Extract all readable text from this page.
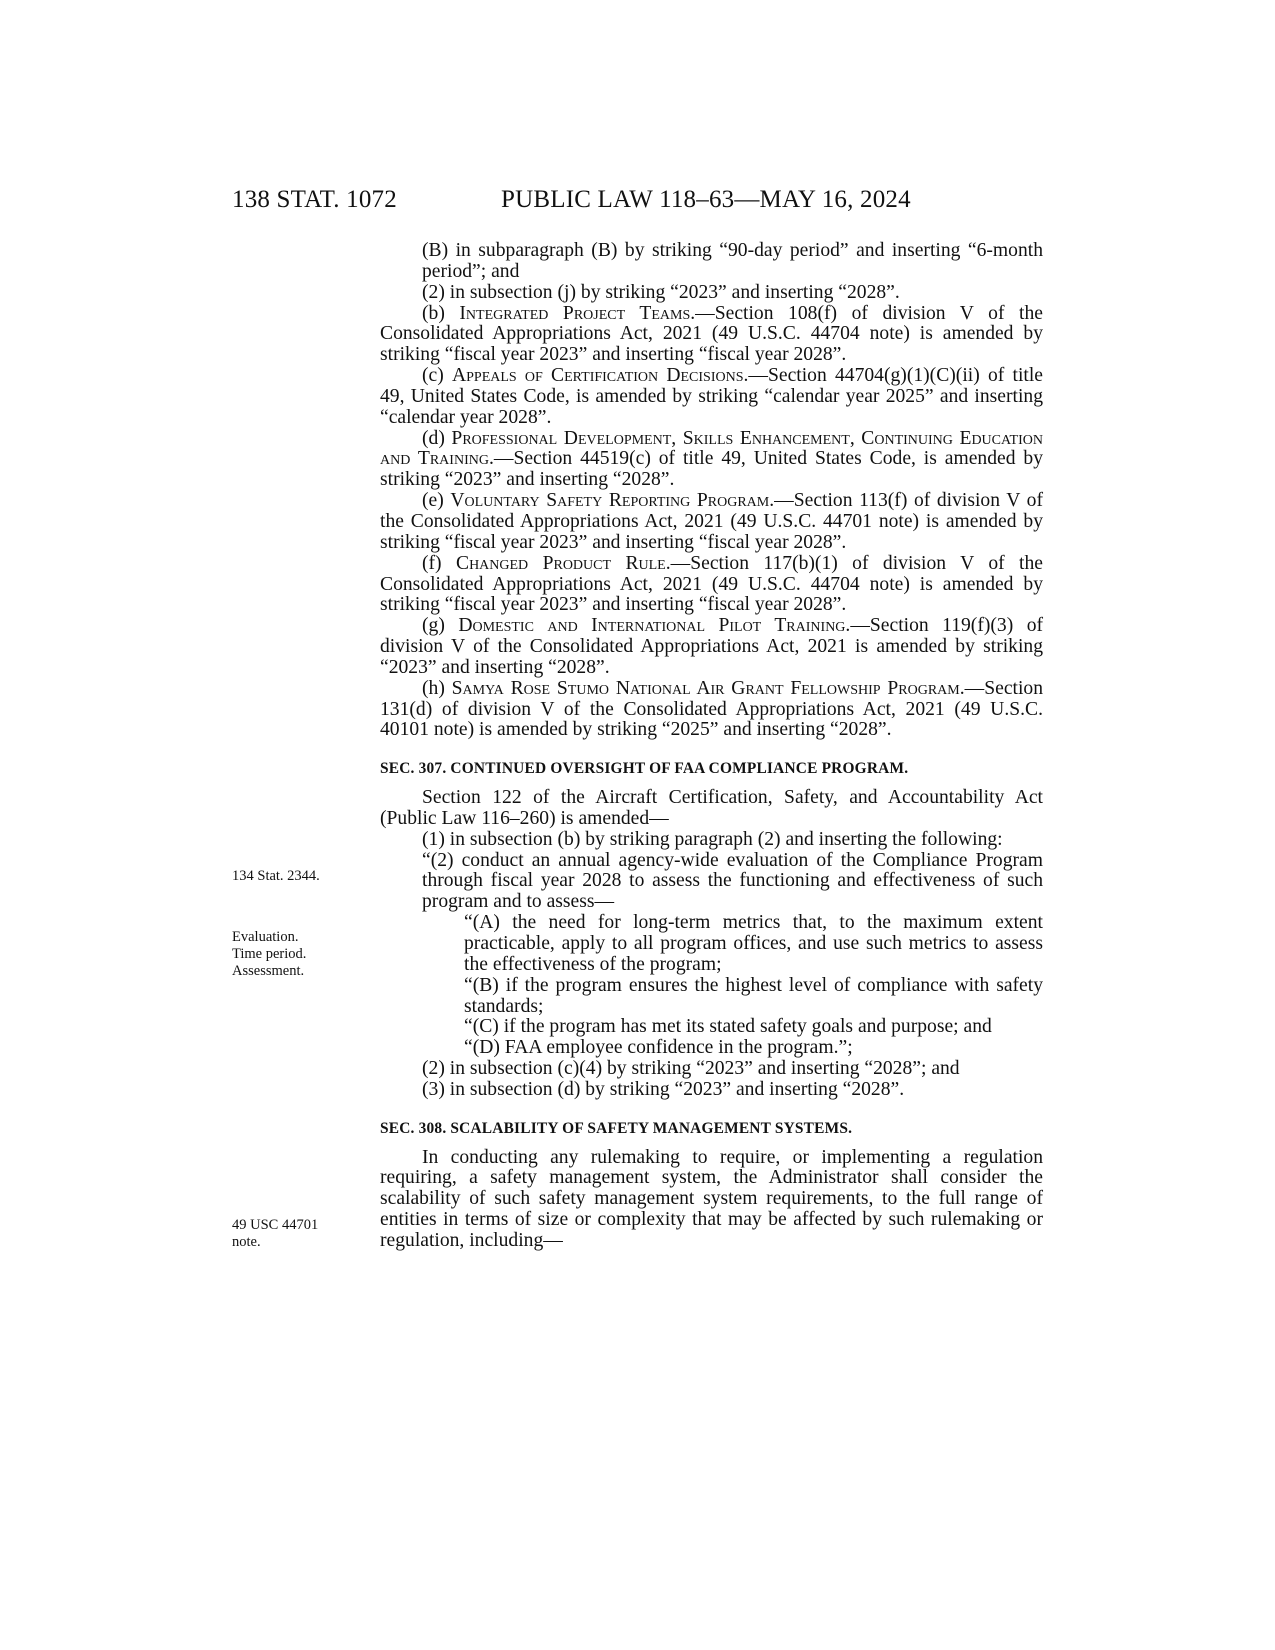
138 STAT. 1072	PUBLIC LAW 118–63—MAY 16, 2024
134 Stat. 2344.
Evaluation.
Time period.
Assessment.
49 USC 44701
note.

(B) in subparagraph (B) by striking “90-day period” and inserting “6-month period”; and

(2) in subsection (j) by striking “2023” and inserting “2028”.

(b) Integrated Project Teams.—Section 108(f) of division V of the Consolidated Appropriations Act, 2021 (49 U.S.C. 44704 note) is amended by striking “fiscal year 2023” and inserting “fiscal year 2028”.

(c) Appeals of Certification Decisions.—Section 44704(g)(1)(C)(ii) of title 49, United States Code, is amended by striking “calendar year 2025” and inserting “calendar year 2028”.

(d) Professional Development, Skills Enhancement, Continuing Education and Training.—Section 44519(c) of title 49, United States Code, is amended by striking “2023” and inserting “2028”.

(e) Voluntary Safety Reporting Program.—Section 113(f) of division V of the Consolidated Appropriations Act, 2021 (49 U.S.C. 44701 note) is amended by striking “fiscal year 2023” and inserting “fiscal year 2028”.

(f) Changed Product Rule.—Section 117(b)(1) of division V of the Consolidated Appropriations Act, 2021 (49 U.S.C. 44704 note) is amended by striking “fiscal year 2023” and inserting “fiscal year 2028”.

(g) Domestic and International Pilot Training.—Section 119(f)(3) of division V of the Consolidated Appropriations Act, 2021 is amended by striking “2023” and inserting “2028”.

(h) Samya Rose Stumo National Air Grant Fellowship Program.—Section 131(d) of division V of the Consolidated Appropriations Act, 2021 (49 U.S.C. 40101 note) is amended by striking “2025” and inserting “2028”.

SEC. 307. CONTINUED OVERSIGHT OF FAA COMPLIANCE PROGRAM.

Section 122 of the Aircraft Certification, Safety, and Accountability Act (Public Law 116–260) is amended—

(1) in subsection (b) by striking paragraph (2) and inserting the following:

“(2) conduct an annual agency-wide evaluation of the Compliance Program through fiscal year 2028 to assess the functioning and effectiveness of such program and to assess—

“(A) the need for long-term metrics that, to the maximum extent practicable, apply to all program offices, and use such metrics to assess the effectiveness of the program;

“(B) if the program ensures the highest level of compliance with safety standards;

“(C) if the program has met its stated safety goals and purpose; and

“(D) FAA employee confidence in the program.”;

(2) in subsection (c)(4) by striking “2023” and inserting “2028”; and

(3) in subsection (d) by striking “2023” and inserting “2028”.

SEC. 308. SCALABILITY OF SAFETY MANAGEMENT SYSTEMS.

In conducting any rulemaking to require, or implementing a regulation requiring, a safety management system, the Administrator shall consider the scalability of such safety management system requirements, to the full range of entities in terms of size or complexity that may be affected by such rulemaking or regulation, including—
